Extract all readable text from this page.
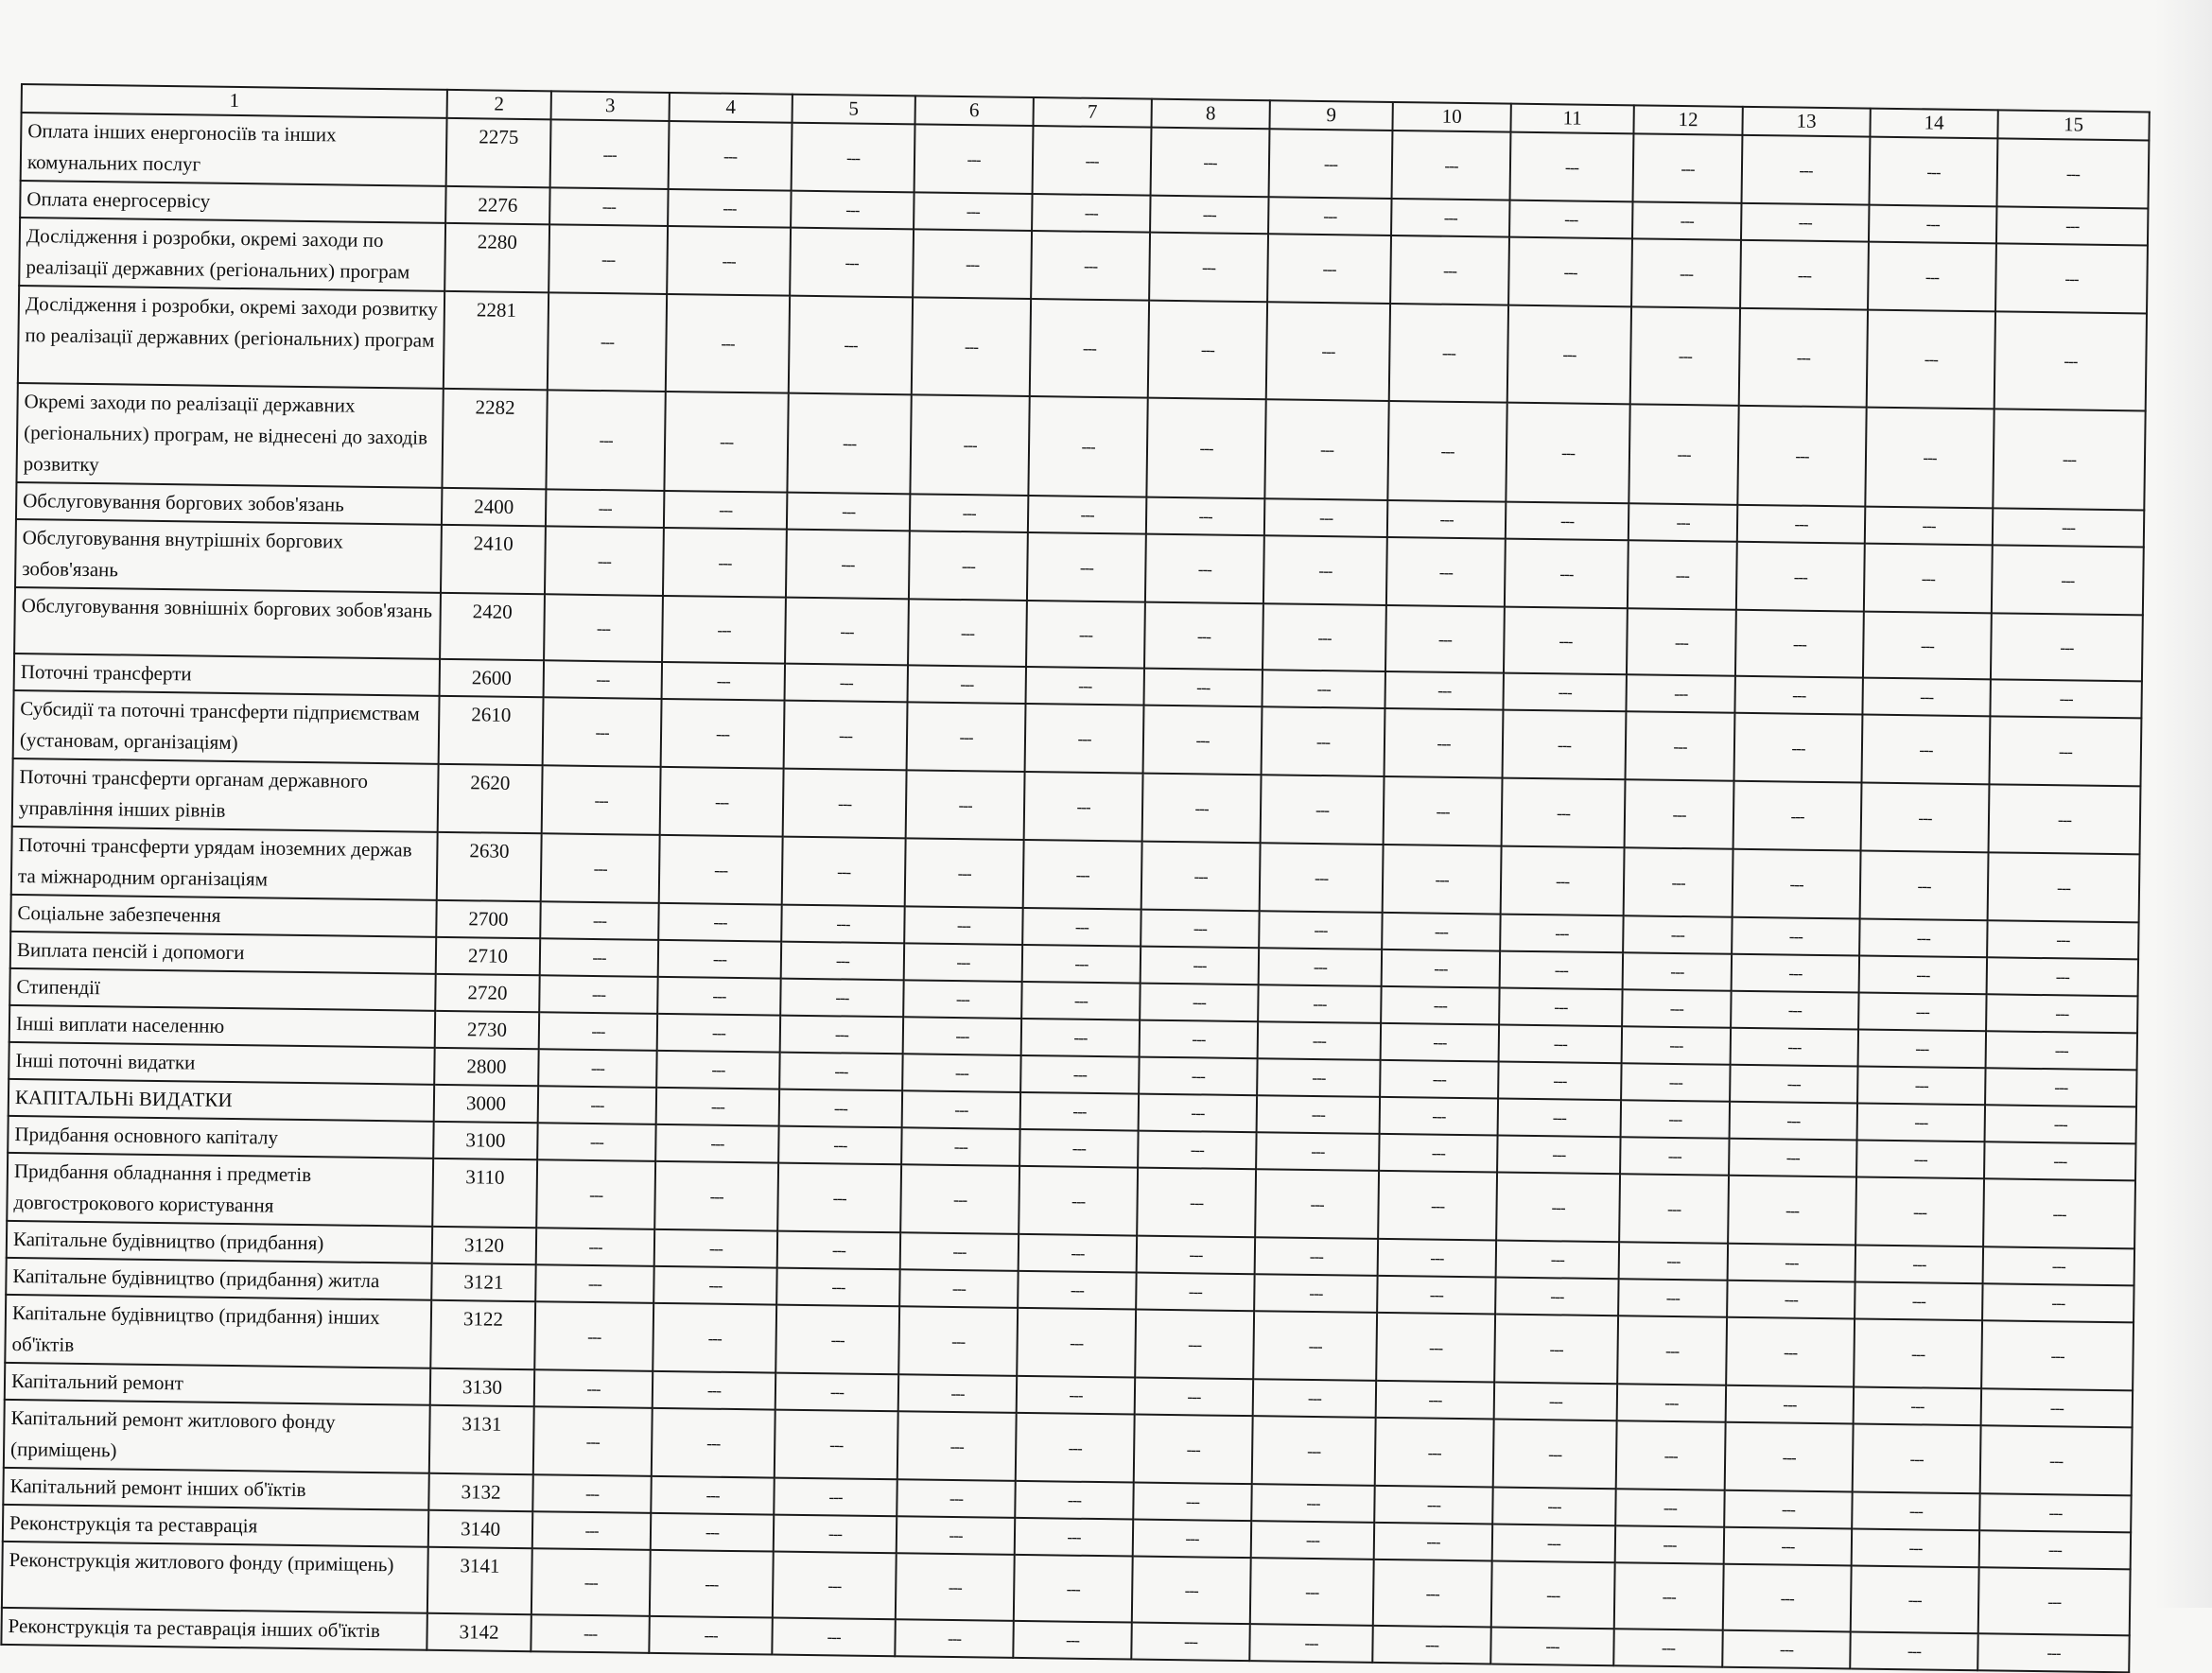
1	2	3	4	5	6	7	8	9	10	11	12	13	14	15
Оплата інших енергоносіїв та інших комунальних послуг	2275	---	---	---	---	---	---	---	---	---	---	---	---	---
Оплата енергосервісу	2276	---	---	---	---	---	---	---	---	---	---	---	---	---
Дослідження і розробки, окремі заходи по реалізації державних (регіональних) програм	2280	---	---	---	---	---	---	---	---	---	---	---	---	---
Дослідження і розробки, окремі заходи розвитку по реалізації державних (регіональних) програм	2281	---	---	---	---	---	---	---	---	---	---	---	---	---
Окремі заходи по реалізації державних (регіональних) програм, не віднесені до заходів розвитку	2282	---	---	---	---	---	---	---	---	---	---	---	---	---
Обслуговування боргових зобов'язань	2400	---	---	---	---	---	---	---	---	---	---	---	---	---
Обслуговування внутрішніх боргових зобов'язань	2410	---	---	---	---	---	---	---	---	---	---	---	---	---
Обслуговування зовнішніх боргових зобов'язань	2420	---	---	---	---	---	---	---	---	---	---	---	---	---
Поточні трансферти	2600	---	---	---	---	---	---	---	---	---	---	---	---	---
Субсидії та поточні трансферти підприємствам (установам, організаціям)	2610	---	---	---	---	---	---	---	---	---	---	---	---	---
Поточні трансферти органам державного управління інших рівнів	2620	---	---	---	---	---	---	---	---	---	---	---	---	---
Поточні трансферти урядам іноземних держав та міжнародним організаціям	2630	---	---	---	---	---	---	---	---	---	---	---	---	---
Соціальне забезпечення	2700	---	---	---	---	---	---	---	---	---	---	---	---	---
Виплата пенсій і допомоги	2710	---	---	---	---	---	---	---	---	---	---	---	---	---
Стипендії	2720	---	---	---	---	---	---	---	---	---	---	---	---	---
Інші виплати населенню	2730	---	---	---	---	---	---	---	---	---	---	---	---	---
Інші поточні видатки	2800	---	---	---	---	---	---	---	---	---	---	---	---	---
КАПІТАЛЬНі ВИДАТКИ	3000	---	---	---	---	---	---	---	---	---	---	---	---	---
Придбання основного капіталу	3100	---	---	---	---	---	---	---	---	---	---	---	---	---
Придбання обладнання і предметів довгострокового користування	3110	---	---	---	---	---	---	---	---	---	---	---	---	---
Капітальне будівництво (придбання)	3120	---	---	---	---	---	---	---	---	---	---	---	---	---
Капітальне будівництво (придбання) житла	3121	---	---	---	---	---	---	---	---	---	---	---	---	---
Капітальне будівництво (придбання) інших об'їктів	3122	---	---	---	---	---	---	---	---	---	---	---	---	---
Капітальний ремонт	3130	---	---	---	---	---	---	---	---	---	---	---	---	---
Капітальний ремонт житлового фонду (приміщень)	3131	---	---	---	---	---	---	---	---	---	---	---	---	---
Капітальний ремонт інших об'їктів	3132	---	---	---	---	---	---	---	---	---	---	---	---	---
Реконструкція та реставрація	3140	---	---	---	---	---	---	---	---	---	---	---	---	---
Реконструкція житлового фонду (приміщень)	3141	---	---	---	---	---	---	---	---	---	---	---	---	---
Реконструкція та реставрація інших об'їктів	3142	---	---	---	---	---	---	---	---	---	---	---	---	---
